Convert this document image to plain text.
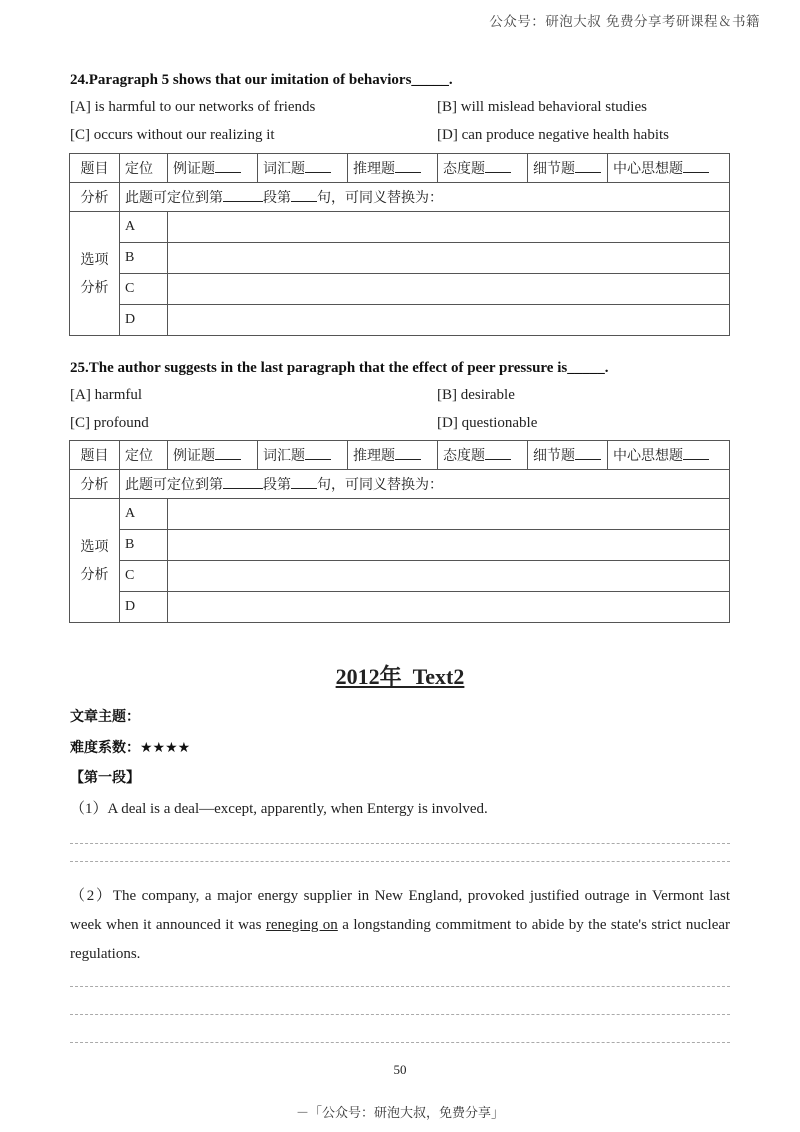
公众号：研泡大叔 免费分享考研课程＆书籍
24.Paragraph 5 shows that our imitation of behaviors_____.
[A] is harmful to our networks of friends	[B] will mislead behavioral studies
[C] occurs without our realizing it	[D] can produce negative health habits
题目	定位	例证题	词汇题	推理题	态度题	细节题	中心思想题
分析	此题可定位到第 段第 句，可同义替换为：						
选项
分析	A						
	B						
	C						
	D						
25.The author suggests in the last paragraph that the effect of peer pressure is_____.
[A] harmful	[B] desirable
[C] profound	[D] questionable
题目	定位	例证题	词汇题	推理题	态度题	细节题	中心思想题
分析	此题可定位到第 段第 句，可同义替换为：						
选项
分析	A						
	B						
	C						
	D						
2012年  Text2
文章主题：
难度系数：★★★★
【第一段】
（1）A deal is a deal—except, apparently, when Entergy is involved.
（2）The company, a major energy supplier in New England, provoked justified outrage in Vermont last week when it announced it was reneging on a longstanding commitment to abide by the state's strict nuclear regulations.
50
－「公众号：研泡大叔，免费分享」
